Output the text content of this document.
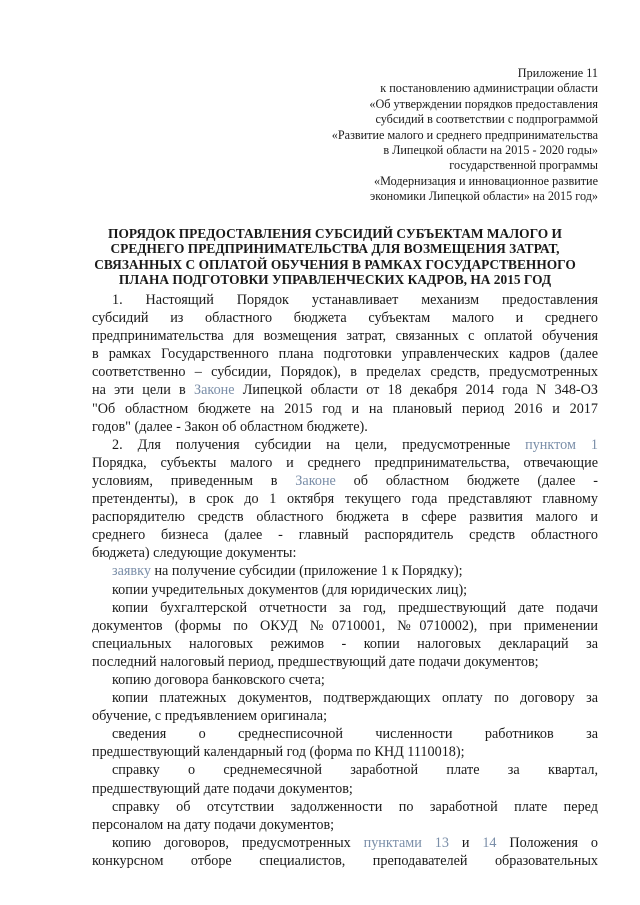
Приложение 11
к постановлению администрации области
«Об утверждении порядков предоставления
субсидий в соответствии с подпрограммой
«Развитие малого и среднего предпринимательства
в Липецкой области на 2015 - 2020 годы»
государственной программы
«Модернизация и инновационное развитие
экономики Липецкой области» на 2015 год»
ПОРЯДОК ПРЕДОСТАВЛЕНИЯ СУБСИДИЙ СУБЪЕКТАМ МАЛОГО И
СРЕДНЕГО ПРЕДПРИНИМАТЕЛЬСТВА ДЛЯ ВОЗМЕЩЕНИЯ ЗАТРАТ,
СВЯЗАННЫХ С ОПЛАТОЙ ОБУЧЕНИЯ В РАМКАХ ГОСУДАРСТВЕННОГО
ПЛАНА ПОДГОТОВКИ УПРАВЛЕНЧЕСКИХ КАДРОВ, НА 2015 ГОД
1. Настоящий Порядок устанавливает механизм предоставления
субсидий из областного бюджета субъектам малого и среднего
предпринимательства для возмещения затрат, связанных с оплатой обучения
в рамках Государственного плана подготовки управленческих кадров (далее
соответственно – субсидии, Порядок), в пределах средств, предусмотренных
на эти цели в Законе Липецкой области от 18 декабря 2014 года N 348-ОЗ
"Об областном бюджете на 2015 год и на плановый период 2016 и 2017
годов" (далее - Закон об областном бюджете).
2. Для получения субсидии на цели, предусмотренные пунктом 1
Порядка, субъекты малого и среднего предпринимательства, отвечающие
условиям, приведенным в Законе об областном бюджете (далее -
претенденты), в срок до 1 октября текущего года представляют главному
распорядителю средств областного бюджета в сфере развития малого и
среднего бизнеса (далее - главный распорядитель средств областного
бюджета) следующие документы:
заявку на получение субсидии (приложение 1 к Порядку);
копии учредительных документов (для юридических лиц);
копии бухгалтерской отчетности за год, предшествующий дате подачи
документов (формы по ОКУД №0710001, №0710002), при применении
специальных налоговых режимов - копии налоговых деклараций за
последний налоговый период, предшествующий дате подачи документов;
копию договора банковского счета;
копии платежных документов, подтверждающих оплату по договору за
обучение, с предъявлением оригинала;
сведения о среднесписочной численности работников за
предшествующий календарный год (форма по КНД 1110018);
справку о среднемесячной заработной плате за квартал,
предшествующий дате подачи документов;
справку об отсутствии задолженности по заработной плате перед
персоналом на дату подачи документов;
копию договоров, предусмотренных пунктами 13 и 14 Положения о
конкурсном отборе специалистов, преподавателей образовательных
